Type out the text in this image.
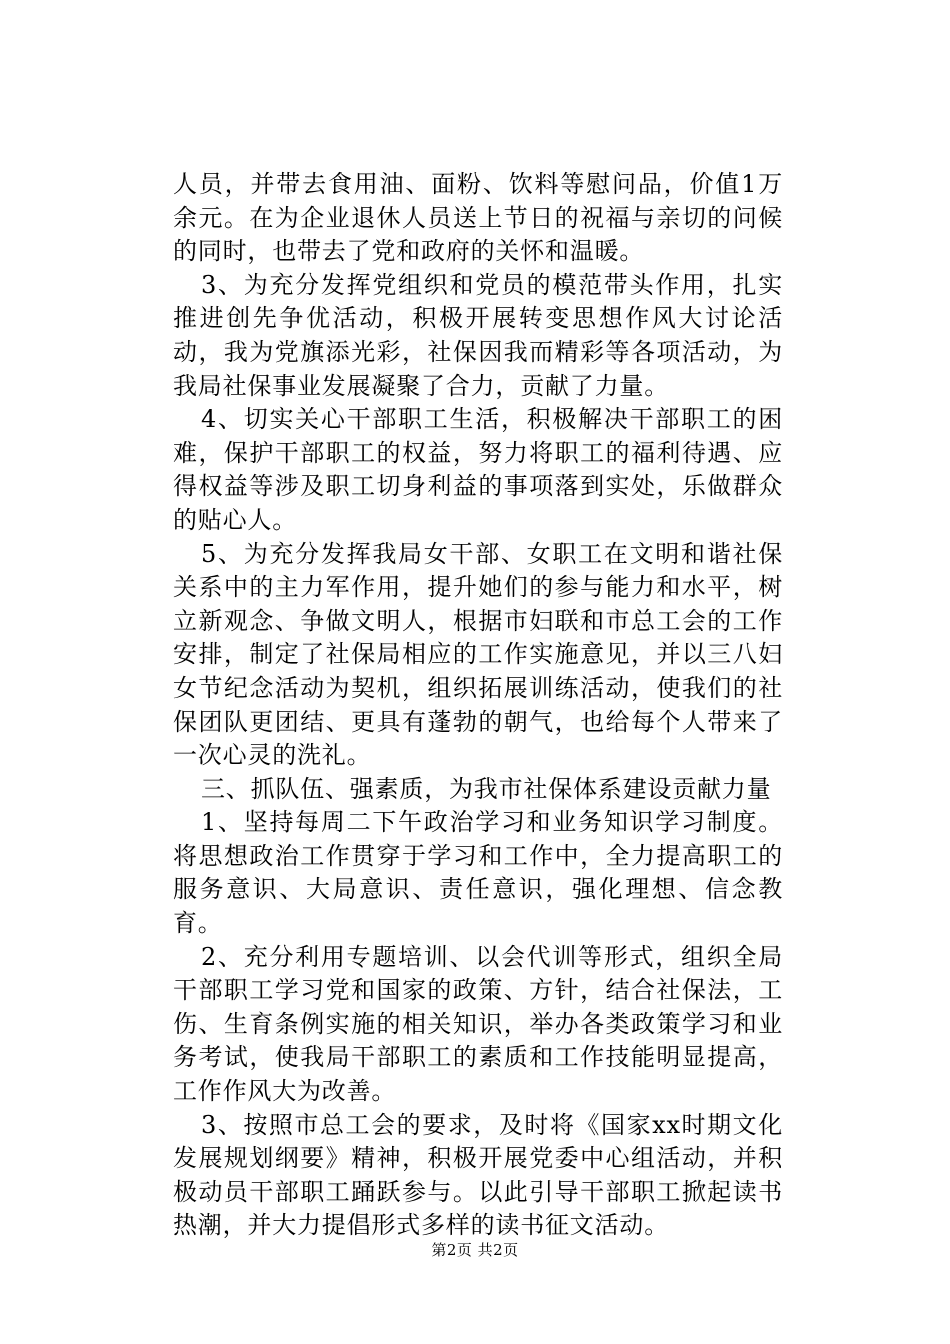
人员，并带去食用油、面粉、饮料等慰问品，价值1万余元。在为企业退休人员送上节日的祝福与亲切的问候的同时，也带去了党和政府的关怀和温暖。

3、为充分发挥党组织和党员的模范带头作用，扎实推进创先争优活动，积极开展转变思想作风大讨论活动，我为党旗添光彩，社保因我而精彩等各项活动，为我局社保事业发展凝聚了合力，贡献了力量。

4、切实关心干部职工生活，积极解决干部职工的困难，保护干部职工的权益，努力将职工的福利待遇、应得权益等涉及职工切身利益的事项落到实处，乐做群众的贴心人。

5、为充分发挥我局女干部、女职工在文明和谐社保关系中的主力军作用，提升她们的参与能力和水平，树立新观念、争做文明人，根据市妇联和市总工会的工作安排，制定了社保局相应的工作实施意见，并以三八妇女节纪念活动为契机，组织拓展训练活动，使我们的社保团队更团结、更具有蓬勃的朝气，也给每个人带来了一次心灵的洗礼。

三、抓队伍、强素质，为我市社保体系建设贡献力量

1、坚持每周二下午政治学习和业务知识学习制度。将思想政治工作贯穿于学习和工作中，全力提高职工的服务意识、大局意识、责任意识，强化理想、信念教育。

2、充分利用专题培训、以会代训等形式，组织全局干部职工学习党和国家的政策、方针，结合社保法，工伤、生育条例实施的相关知识，举办各类政策学习和业务考试，使我局干部职工的素质和工作技能明显提高，工作作风大为改善。

3、按照市总工会的要求，及时将《国家xx时期文化发展规划纲要》精神，积极开展党委中心组活动，并积极动员干部职工踊跃参与。以此引导干部职工掀起读书热潮，并大力提倡形式多样的读书征文活动。

第2页 共2页
